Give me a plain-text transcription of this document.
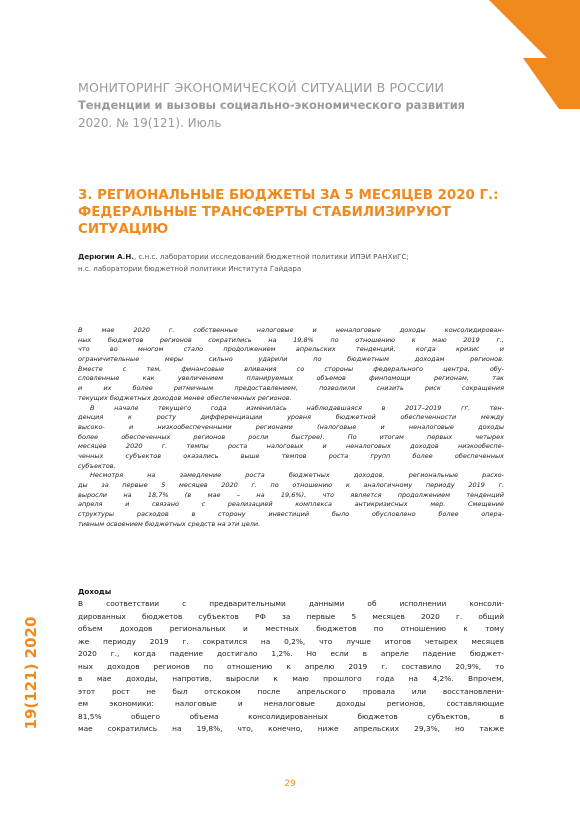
МОНИТОРИНГ ЭКОНОМИЧЕСКОЙ СИТУАЦИИ В РОССИИ
Тенденции и вызовы социально-экономического развития
2020. № 19(121). Июль
3. РЕГИОНАЛЬНЫЕ БЮДЖЕТЫ ЗА 5 МЕСЯЦЕВ 2020 Г.:
ФЕДЕРАЛЬНЫЕ ТРАНСФЕРТЫ СТАБИЛИЗИРУЮТ
СИТУАЦИЮ
Дерюгин А.Н., с.н.с. лаборатории исследований бюджетной политики ИПЭИ РАНХиГС;
н.с. лаборатории бюджетной политики Института Гайдара
В мае 2020 г. собственные налоговые и неналоговые доходы консолидирован-
ных бюджетов регионов сократились на 19,8% по отношению к маю 2019 г.,
что во многом стало продолжением апрельских тенденций, когда кризис и
ограничительные меры сильно ударили по бюджетным доходам регионов.
Вместе с тем, финансовые вливания со стороны федерального центра, обу-
словленные как увеличением планируемых объемов финпомощи регионам, так
и их более ритмичным предоставлением, позволили снизить риск сокращения
текущих бюджетных доходов менее обеспеченных регионов.
В начале текущего года изменилась наблюдавшаяся в 2017–2019 гг. тен-
денция к росту дифференциации уровня бюджетной обеспеченности между
высоко- и низкообеспеченными регионами (налоговые и неналоговые доходы
более обеспеченных регионов росли быстрее). По итогам первых четырех
месяцев 2020 г. темпы роста налоговых и неналоговых доходов низкообеспе-
ченных субъектов оказались выше темпов роста групп более обеспеченных
субъектов.
Несмотря на замедление роста бюджетных доходов, региональные расхо-
ды за первые 5 месяцев 2020 г. по отношению к аналогичному периоду 2019 г.
выросли на 18,7% (в мае – на 19,6%), что является продолжением тенденций
апреля и связано с реализацией комплекса антикризисных мер. Смещение
структуры расходов в сторону инвестиций было обусловлено более опера-
тивным освоением бюджетных средств на эти цели.
Доходы
В соответствии с предварительными данными об исполнении консоли-
дированных бюджетов субъектов РФ за первые 5 месяцев 2020 г. общий
объем доходов региональных и местных бюджетов по отношению к тому
же периоду 2019 г. сократился на 0,2%, что лучше итогов четырех месяцев
2020 г., когда падение достигало 1,2%. Но если в апреле падение бюджет-
ных доходов регионов по отношению к апрелю 2019 г. составило 20,9%, то
в мае доходы, напротив, выросли к маю прошлого года на 4,2%. Впрочем,
этот рост не был отскоком после апрельского провала или восстановлени-
ем экономики: налоговые и неналоговые доходы регионов, составляющие
81,5% общего объема консолидированных бюджетов субъектов, в
мае сократились на 19,8%, что, конечно, ниже апрельских 29,3%, но также
19(121) 2020
29
